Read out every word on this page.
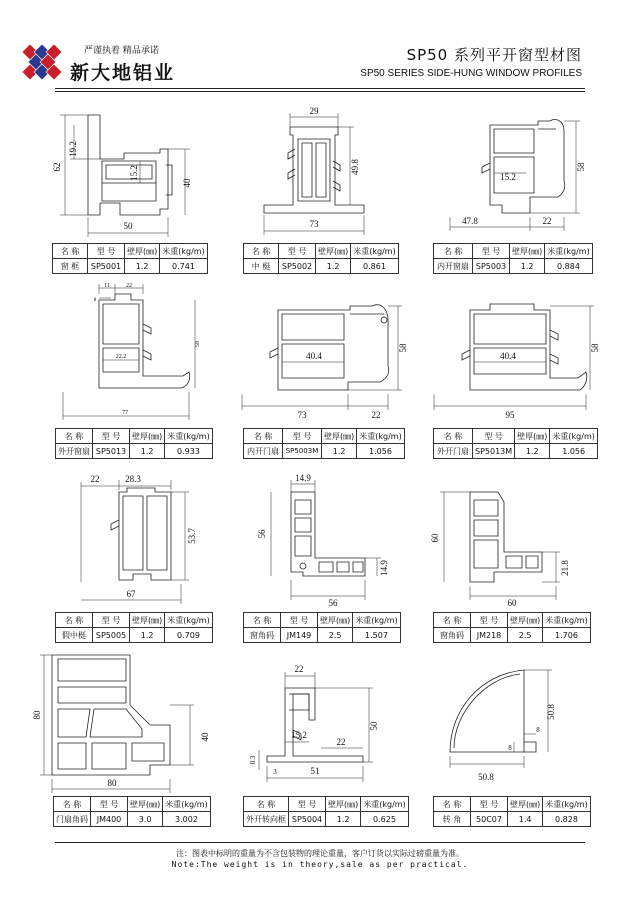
严谨执着 精品承诺
新大地铝业
SP50 系列平开窗型材图
SP50 SERIES SIDE-HUNG WINDOW PROFILES
19.2
62	15.2
40
50
名 称	型 号	壁厚(㎜)	米重(kg/m)
窗 框	SP5001	1.2	0.741
29
49.8
73
名 称	型 号	壁厚(㎜)	米重(kg/m)
中 梃	SP5002	1.2	0.861
15.2
58
47.8	22
名 称	型 号	壁厚(㎜)	米重(kg/m)
内开窗扇	SP5003	1.2	0.884
11	22
8
58
22.2
77
名 称	型 号	壁厚(㎜)	米重(kg/m)
外开窗扇	SP5013	1.2	0.933
40.4
58
73	22
名 称	型 号	壁厚(㎜)	米重(kg/m)
内开门扇	SP5003M	1.2	1.056
40.4
58
95
名 称	型 号	壁厚(㎜)	米重(kg/m)
外开门扇	SP5013M	1.2	1.056
22	28.3
53.7
67
名 称	型 号	壁厚(㎜)	米重(kg/m)
假中梃	SP5005	1.2	0.709
14.9
56
14.9
56
名 称	型 号	壁厚(㎜)	米重(kg/m)
窗角码	JM149	2.5	1.507
60
21.8
60
名 称	型 号	壁厚(㎜)	米重(kg/m)
窗角码	JM218	2.5	1.706
80
40
80
名 称	型 号	壁厚(㎜)	米重(kg/m)
门扇角码	JM400	3.0	3.002
22
15.2
22
50
0.3
3	51
名 称	型 号	壁厚(㎜)	米重(kg/m)
外开转向框	SP5004	1.2	0.625
50.8
8
8
50.8
名 称	型 号	壁厚(㎜)	米重(kg/m)
转 角	50C07	1.4	0.828
注：图表中标明的重量为不含包装物的理论重量，客户订货以实际过磅重量为准。
Note:The weight is in theory,sale as per practical.
